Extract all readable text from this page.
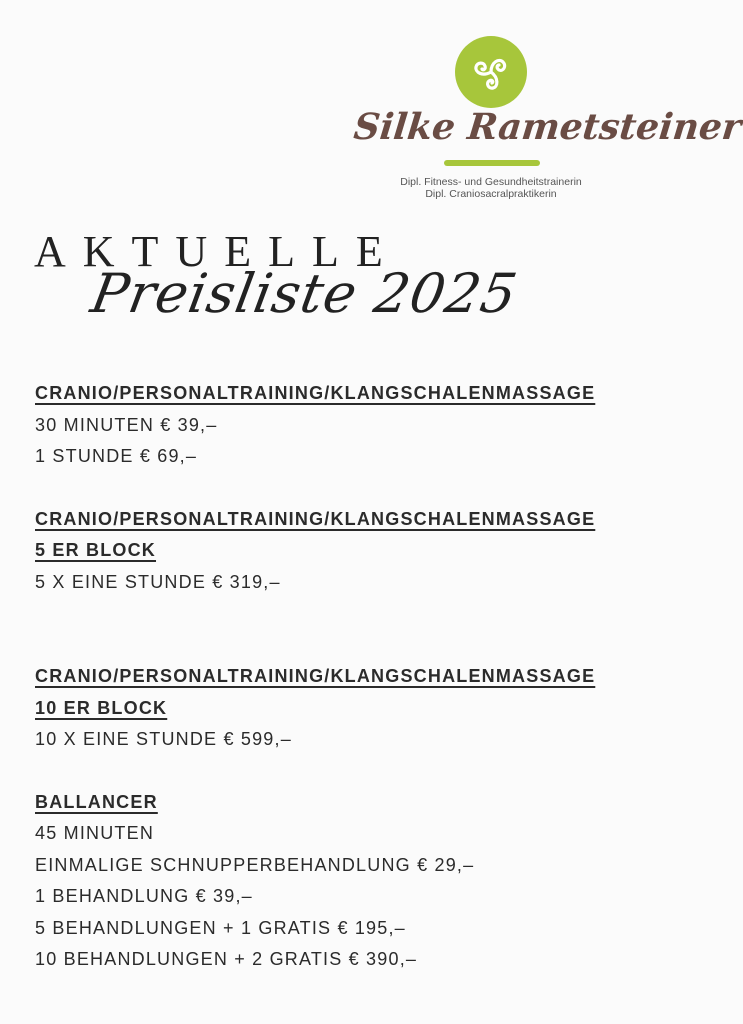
Silke Rametsteiner
Dipl. Fitness- und Gesundheitstrainerin
Dipl. Craniosacralpraktikerin
AKTUELLE
Preisliste 2025
CRANIO/PERSONALTRAINING/KLANGSCHALENMASSAGE
30 MINUTEN € 39,–
1 STUNDE € 69,–
CRANIO/PERSONALTRAINING/KLANGSCHALENMASSAGE
5 ER BLOCK
5 X EINE STUNDE € 319,–
CRANIO/PERSONALTRAINING/KLANGSCHALENMASSAGE
10 ER BLOCK
10 X EINE STUNDE € 599,–
BALLANCER
45 MINUTEN
EINMALIGE SCHNUPPERBEHANDLUNG € 29,–
1 BEHANDLUNG € 39,–
5 BEHANDLUNGEN + 1 GRATIS € 195,–
10 BEHANDLUNGEN + 2 GRATIS € 390,–
